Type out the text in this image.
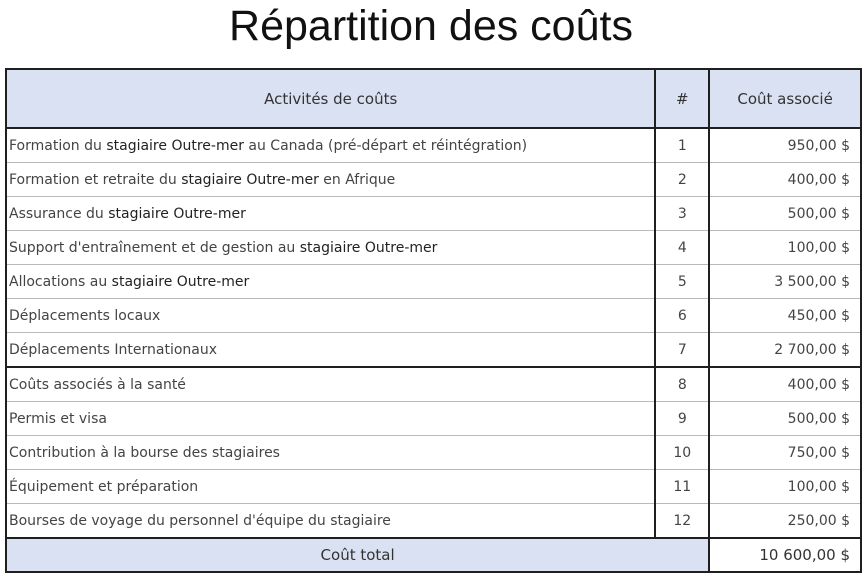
Répartition des coûts
Activités de coûts	#	Coût associé
Formation du stagiaire Outre-mer au Canada (pré-départ et réintégration)	1	950,00 $
Formation et retraite du stagiaire Outre-mer en Afrique	2	400,00 $
Assurance du stagiaire Outre-mer	3	500,00 $
Support d'entraînement et de gestion au stagiaire Outre-mer	4	100,00 $
Allocations au stagiaire Outre-mer	5	3 500,00 $
Déplacements locaux	6	450,00 $
Déplacements Internationaux	7	2 700,00 $
Coûts associés à la santé	8	400,00 $
Permis et visa	9	500,00 $
Contribution à la bourse des stagiaires	10	750,00 $
Équipement et préparation	11	100,00 $
Bourses de voyage du personnel d'équipe du stagiaire	12	250,00 $
Coût total		10 600,00 $
